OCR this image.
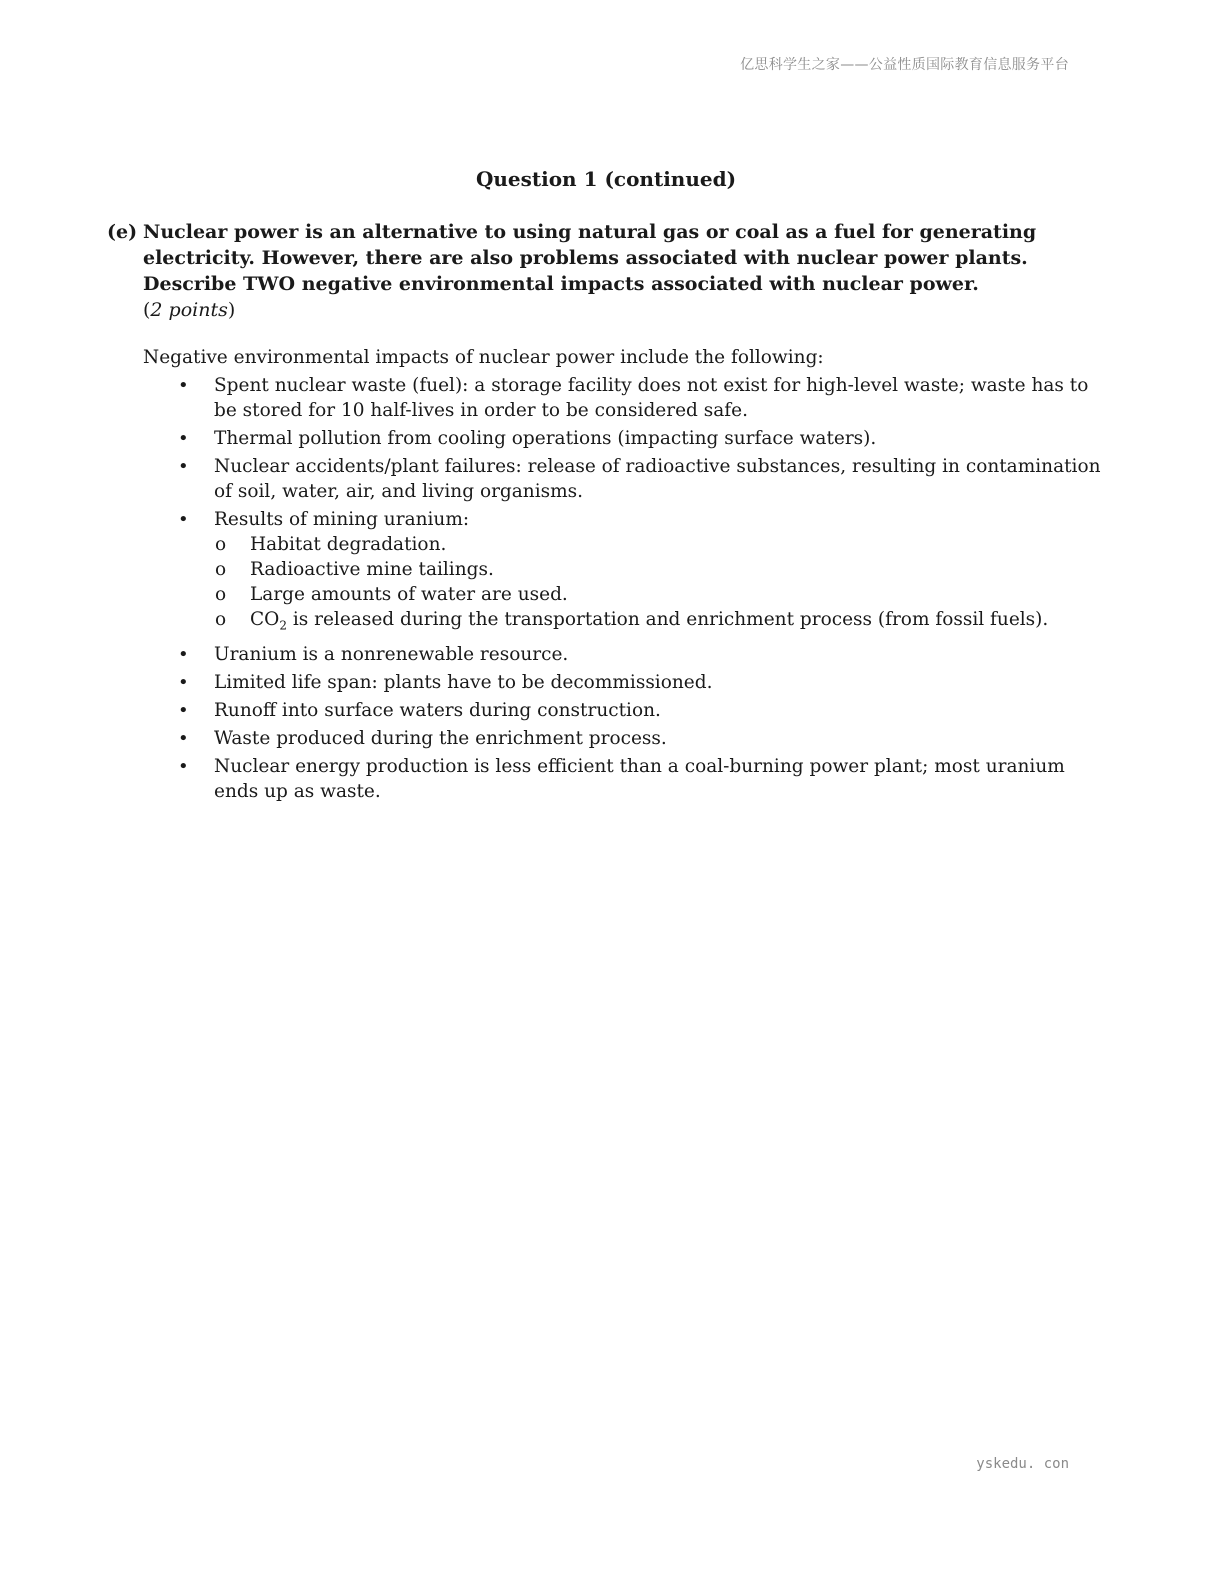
亿思科学生之家——公益性质国际教育信息服务平台
Question 1 (continued)
(e) Nuclear power is an alternative to using natural gas or coal as a fuel for generating electricity. However, there are also problems associated with nuclear power plants. Describe TWO negative environmental impacts associated with nuclear power.
(2 points)

Negative environmental impacts of nuclear power include the following:

• Spent nuclear waste (fuel): a storage facility does not exist for high-level waste; waste has to be stored for 10 half-lives in order to be considered safe.
• Thermal pollution from cooling operations (impacting surface waters).
• Nuclear accidents/plant failures: release of radioactive substances, resulting in contamination of soil, water, air, and living organisms.
• Results of mining uranium:
o Habitat degradation.
o Radioactive mine tailings.
o Large amounts of water are used.
o $CO_2$ is released during the transportation and enrichment process (from fossil fuels).
• Uranium is a nonrenewable resource.
• Limited life span: plants have to be decommissioned.
• Runoff into surface waters during construction.
• Waste produced during the enrichment process.
• Nuclear energy production is less efficient than a coal-burning power plant; most uranium ends up as waste.
yskedu. con
